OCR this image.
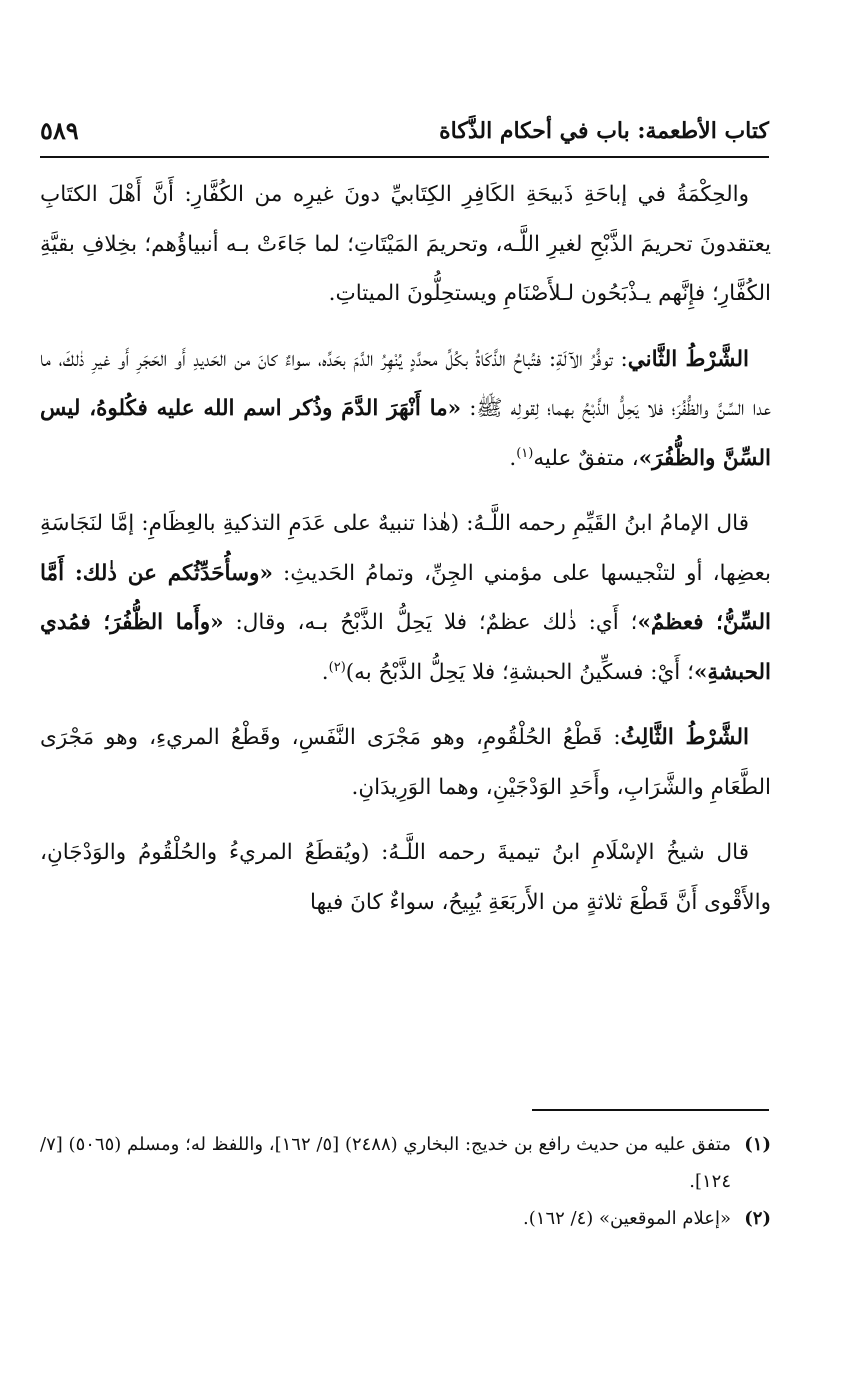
كتاب الأطعمة: باب في أحكام الذَّكاة
٥٨٩

والحِكْمَةُ في إباحَةِ ذَبيحَةِ الكَافِرِ الكِتَابيِّ دونَ غيرِه من الكُفَّارِ: أَنَّ أَهْلَ الكتَابِ يعتقدونَ تحريمَ الذَّبْحِ لغيرِ اللَّـه، وتحريمَ المَيْتَاتِ؛ لما جَاءَتْ بـه أنبياؤُهم؛ بخِلافِ بقيَّةِ الكُفَّارِ؛ فإِنَّهم يـذْبَحُون لـلأَصْنَامِ ويستحِلُّونَ الميتاتِ.

الشَّرْطُ الثَّاني: توفُّرُ الآلَةِ: فتُباحُ الذَّكَاةُ بكُلِّ محدَّدٍ يُنْهِرُ الدَّمَ بحَدِّه، سواءٌ كانَ من الحَديدِ أَو الحَجَرِ أَو غيرِ ذٰلكَ، ما عدا السِّنَّ والظُّفُرَ؛ فلا يَحِلُّ الذَّبْحُ بهما؛ لِقولِه ﷺ: «ما أَنْهَرَ الدَّمَ وذُكر اسم الله عليه فكُلوهُ، ليس السِّنَّ والظُّفُرَ»، متفقٌ عليه$^{(١)}$.

قال الإمامُ ابنُ القَيِّمِ رحمه اللَّـهُ: (هٰذا تنبيهٌ على عَدَمِ التذكيةِ بالعِظَامِ: إمَّا لنَجَاسَةِ بعضِها، أو لتنْجيسها على مؤمني الجِنِّ، وتمامُ الحَديثِ: «وسأُحَدِّثُكم عن ذٰلك: أَمَّا السِّنُّ؛ فعظمٌ»؛ أَي: ذٰلك عظمٌ؛ فلا يَحِلُّ الذَّبْحُ بـه، وقال: «وأَما الظُّفُرَ؛ فمُدي الحبشةِ»؛ أَيْ: فسكِّينُ الحبشةِ؛ فلا يَحِلُّ الذَّبْحُ به)$^{(٢)}$.

الشَّرْطُ الثَّالِثُ: قَطْعُ الحُلْقُومِ، وهو مَجْرَى النَّفَسِ، وقَطْعُ المريءِ، وهو مَجْرَى الطَّعَامِ والشَّرَابِ، وأَحَدِ الوَدْجَيْنِ، وهما الوَرِيدَانِ.

قال شيخُ الإسْلَامِ ابنُ تيميةَ رحمه اللَّـهُ: (ويُقطَعُ المريءُ والحُلْقُومُ والوَدْجَانِ، والأَقْوى أَنَّ قَطْعَ ثلاثةٍ من الأَربَعَةِ يُبِيحُ، سواءٌ كانَ فيها

(١)
متفق عليه من حديث رافع بن خديج: البخاري (٢٤٨٨) [٥/ ١٦٢]، واللفظ له؛ ومسلم (٥٠٦٥) [٧/ ١٢٤].

(٢)
«إعلام الموقعين» (٤/ ١٦٢).
